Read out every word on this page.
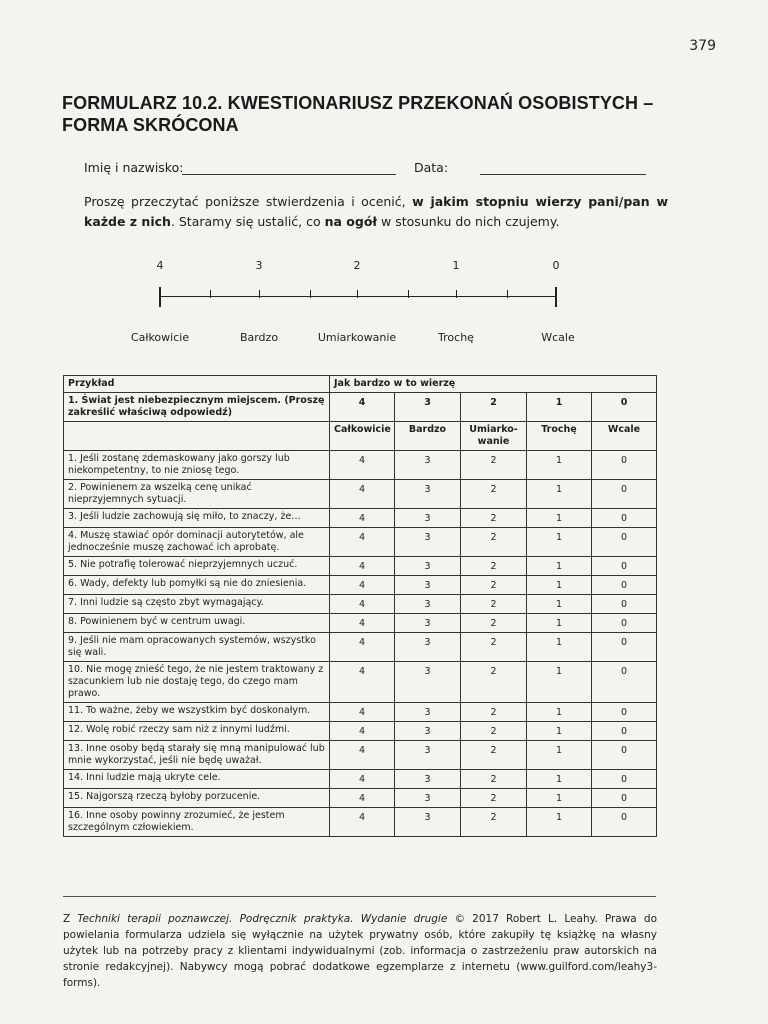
379
FORMULARZ 10.2. KWESTIONARIUSZ PRZEKONAŃ OSOBISTYCH – FORMA SKRÓCONA
Imię i nazwisko:	Data:
Proszę przeczytać poniższe stwierdzenia i ocenić, w jakim stopniu wierzy pani/pan w każde z nich. Staramy się ustalić, co na ogół w stosunku do nich czujemy.
4	3	2	1	0
Całkowicie	Bardzo	Umiarkowanie	Trochę	Wcale
Przykład	Jak bardzo w to wierzę				
1. Świat jest niebezpiecznym miejscem. (Proszę zakreślić właściwą odpowiedź)	4	3	2	1	0
	Całkowicie	Bardzo	Umiarko-wanie	Trochę	Wcale
1. Jeśli zostanę zdemaskowany jako gorszy lub niekompetentny, to nie zniosę tego.	4	3	2	1	0
2. Powinienem za wszelką cenę unikać nieprzyjemnych sytuacji.	4	3	2	1	0
3. Jeśli ludzie zachowują się miło, to znaczy, że…	4	3	2	1	0
4. Muszę stawiać opór dominacji autorytetów, ale jednocześnie muszę zachować ich aprobatę.	4	3	2	1	0
5. Nie potrafię tolerować nieprzyjemnych uczuć.	4	3	2	1	0
6. Wady, defekty lub pomyłki są nie do zniesienia.	4	3	2	1	0
7. Inni ludzie są często zbyt wymagający.	4	3	2	1	0
8. Powinienem być w centrum uwagi.	4	3	2	1	0
9. Jeśli nie mam opracowanych systemów, wszystko się wali.	4	3	2	1	0
10. Nie mogę znieść tego, że nie jestem traktowany z szacunkiem lub nie dostaję tego, do czego mam prawo.	4	3	2	1	0
11. To ważne, żeby we wszystkim być doskonałym.	4	3	2	1	0
12. Wolę robić rzeczy sam niż z innymi ludźmi.	4	3	2	1	0
13. Inne osoby będą starały się mną manipulować lub mnie wykorzystać, jeśli nie będę uważał.	4	3	2	1	0
14. Inni ludzie mają ukryte cele.	4	3	2	1	0
15. Najgorszą rzeczą byłoby porzucenie.	4	3	2	1	0
16. Inne osoby powinny zrozumieć, że jestem szczególnym człowiekiem.	4	3	2	1	0
Z Techniki terapii poznawczej. Podręcznik praktyka. Wydanie drugie © 2017 Robert L. Leahy. Prawa do powielania formularza udziela się wyłącznie na użytek prywatny osób, które zakupiły tę książkę na własny użytek lub na potrzeby pracy z klientami indywidualnymi (zob. informacja o zastrzeżeniu praw autorskich na stronie redakcyjnej). Nabywcy mogą pobrać dodatkowe egzemplarze z internetu (www.guilford.com/leahy3-forms).
